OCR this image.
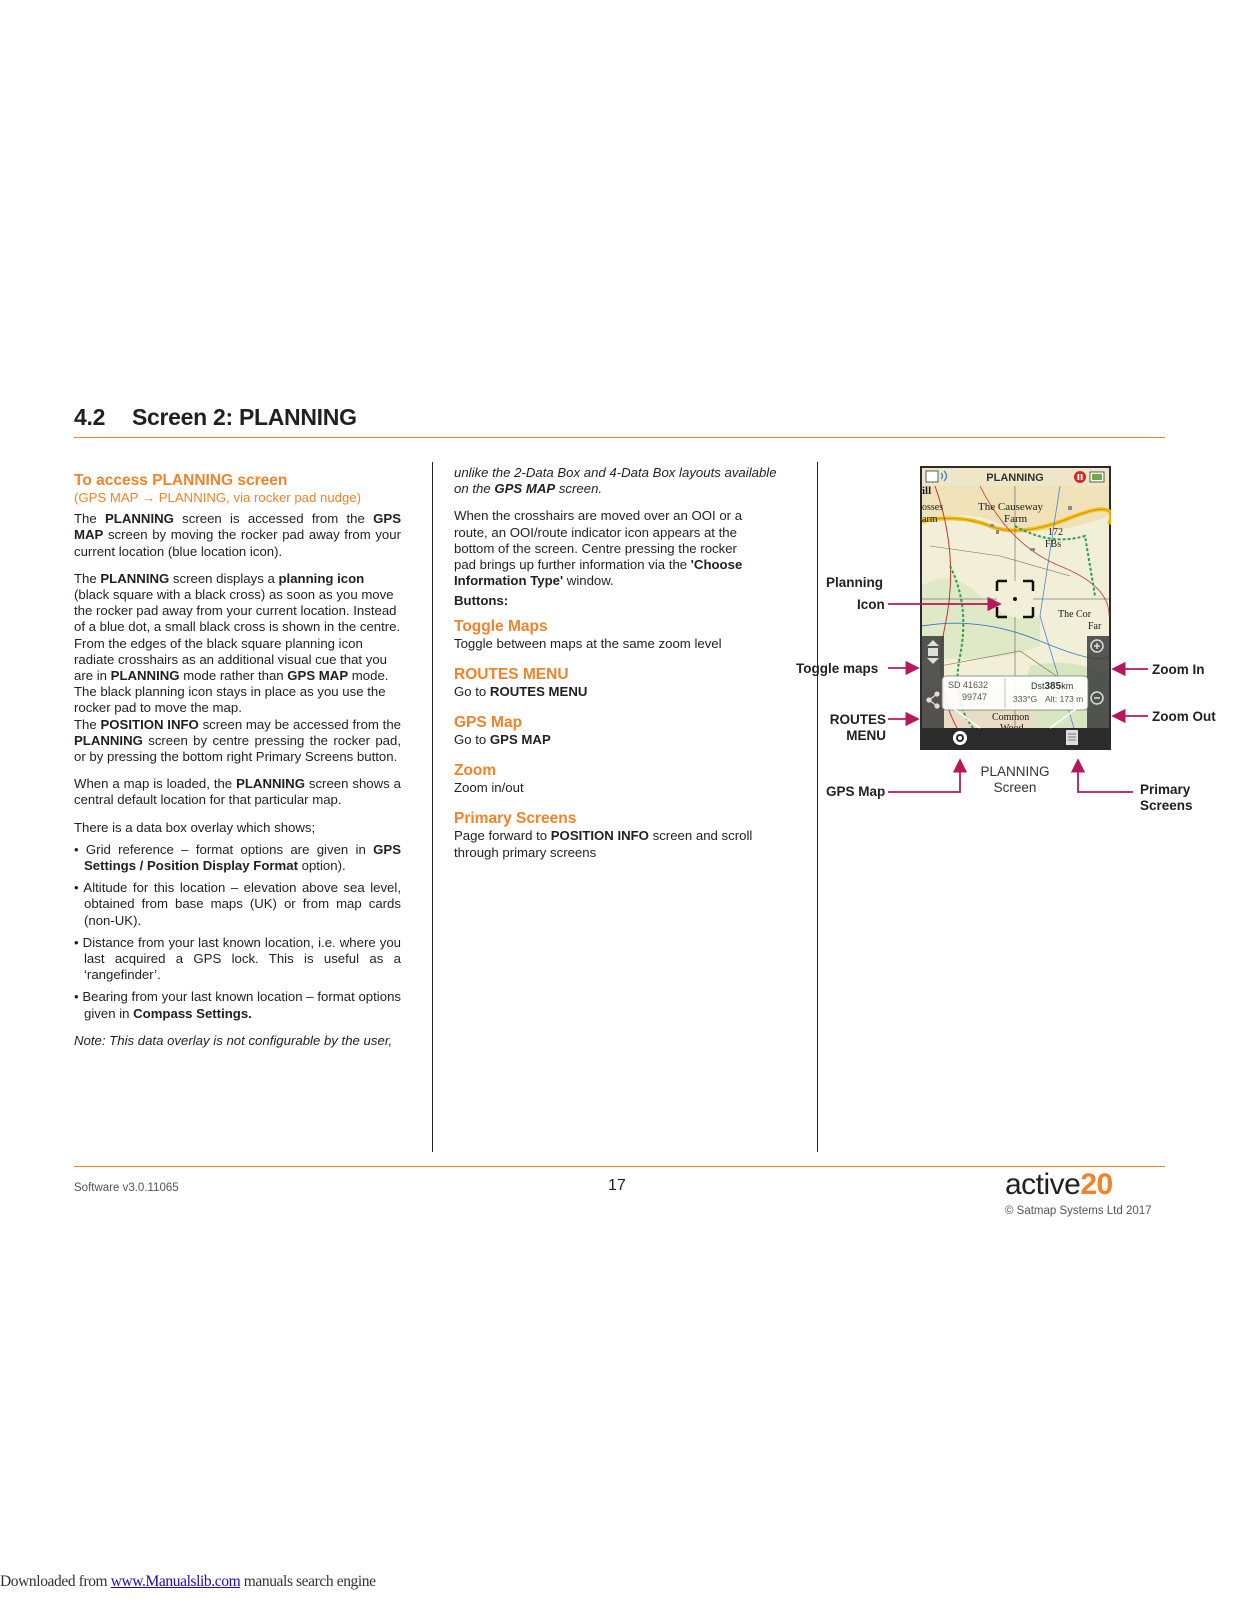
4.2 Screen 2: PLANNING
To access PLANNING screen
(GPS MAP → PLANNING, via rocker pad nudge)

The PLANNING screen is accessed from the GPS MAP screen by moving the rocker pad away from your current location (blue location icon).

The PLANNING screen displays a planning icon (black square with a black cross) as soon as you move the rocker pad away from your current location. Instead of a blue dot, a small black cross is shown in the centre. From the edges of the black square planning icon radiate crosshairs as an additional visual cue that you are in PLANNING mode rather than GPS MAP mode. The black planning icon stays in place as you use the rocker pad to move the map.

The POSITION INFO screen may be accessed from the PLANNING screen by centre pressing the rocker pad, or by pressing the bottom right Primary Screens button.

When a map is loaded, the PLANNING screen shows a central default location for that particular map.

There is a data box overlay which shows;

• Grid reference – format options are given in GPS Settings / Position Display Format option).
• Altitude for this location – elevation above sea level, obtained from base maps (UK) or from map cards (non-UK).
• Distance from your last known location, i.e. where you last acquired a GPS lock. This is useful as a ‘rangefinder’.
• Bearing from your last known location – format options given in Compass Settings.

Note: This data overlay is not configurable by the user,

unlike the 2-Data Box and 4-Data Box layouts available on the GPS MAP screen.

When the crosshairs are moved over an OOI or a route, an OOI/route indicator icon appears at the bottom of the screen. Centre pressing the rocker pad brings up further information via the 'Choose Information Type' window.

Buttons:

Toggle Maps
Toggle between maps at the same zoom level
ROUTES MENU
Go to ROUTES MENU
GPS Map
Go to GPS MAP
Zoom
Zoom in/out
Primary Screens
Page forward to POSITION INFO screen and scroll through primary screens
PLANNING
The Causeway
Farm
172
FBs
ill
osses
arm
The Cor
Far
Common
SD 41632
99747
Dst385km
333°G Alt: 173 m
PLANNING
Screen
Planning
Icon
Toggle maps
ROUTES
MENU
GPS Map
Zoom In
Zoom Out
Primary
Screens
Software v3.0.11065	17	active20
© Satmap Systems Ltd 2017
Downloaded from www.Manualslib.com manuals search engine
